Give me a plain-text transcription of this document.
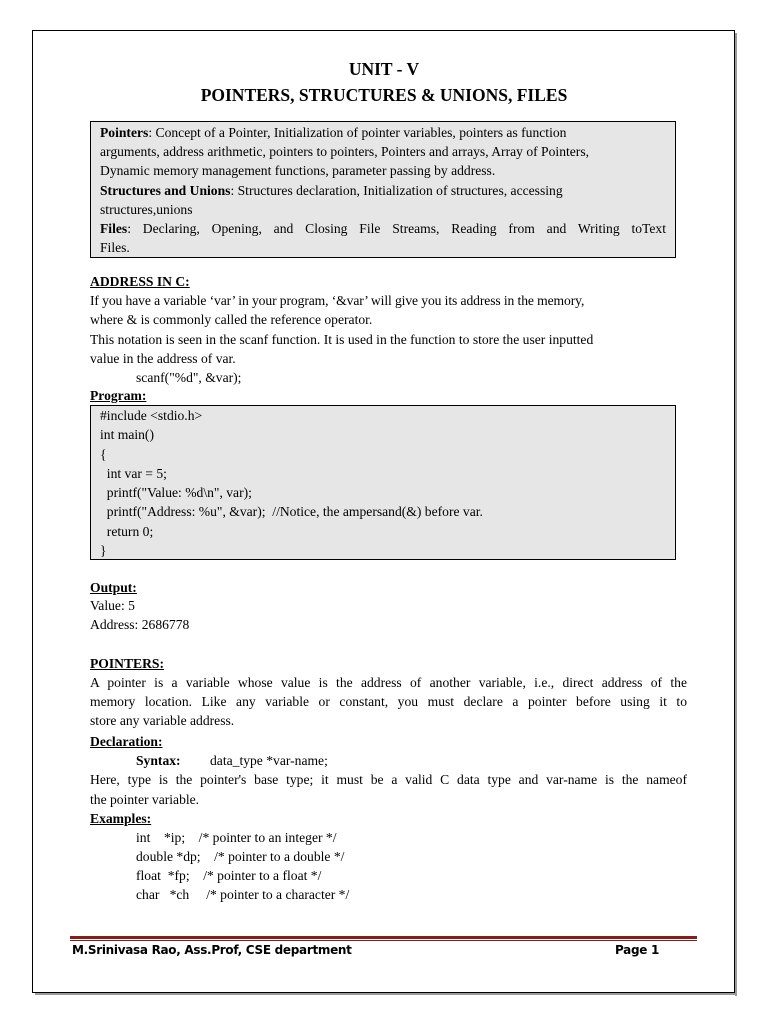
UNIT - V
POINTERS, STRUCTURES & UNIONS, FILES
Pointers: Concept of a Pointer, Initialization of pointer variables, pointers as function
arguments, address arithmetic, pointers to pointers, Pointers and arrays, Array of Pointers,
Dynamic memory management functions, parameter passing by address.
Structures and Unions: Structures declaration, Initialization of structures, accessing
structures,unions
Files: Declaring, Opening, and Closing File Streams, Reading from and Writing toText
Files.
ADDRESS IN C:
If you have a variable ‘var’ in your program, ‘&var’ will give you its address in the memory,
where & is commonly called the reference operator.
This notation is seen in the scanf function. It is used in the function to store the user inputted
value in the address of var.
scanf("%d", &var);
Program:
#include <stdio.h>
int main()
{
int var = 5;
printf("Value: %d\n", var);
printf("Address: %u", &var);  //Notice, the ampersand(&) before var.
return 0;
}
Output:
Value: 5
Address: 2686778
POINTERS:
A pointer is a variable whose value is the address of another variable, i.e., direct address of the
memory location. Like any variable or constant, you must declare a pointer before using it to
store any variable address.
Declaration:
Syntax: data_type *var-name;
Here, type is the pointer's base type; it must be a valid C data type and var-name is the nameof
the pointer variable.
Examples:
int    *ip;    /* pointer to an integer */
double *dp;    /* pointer to a double */
float  *fp;    /* pointer to a float */
char   *ch     /* pointer to a character */
M.Srinivasa Rao, Ass.Prof, CSE department	Page 1
